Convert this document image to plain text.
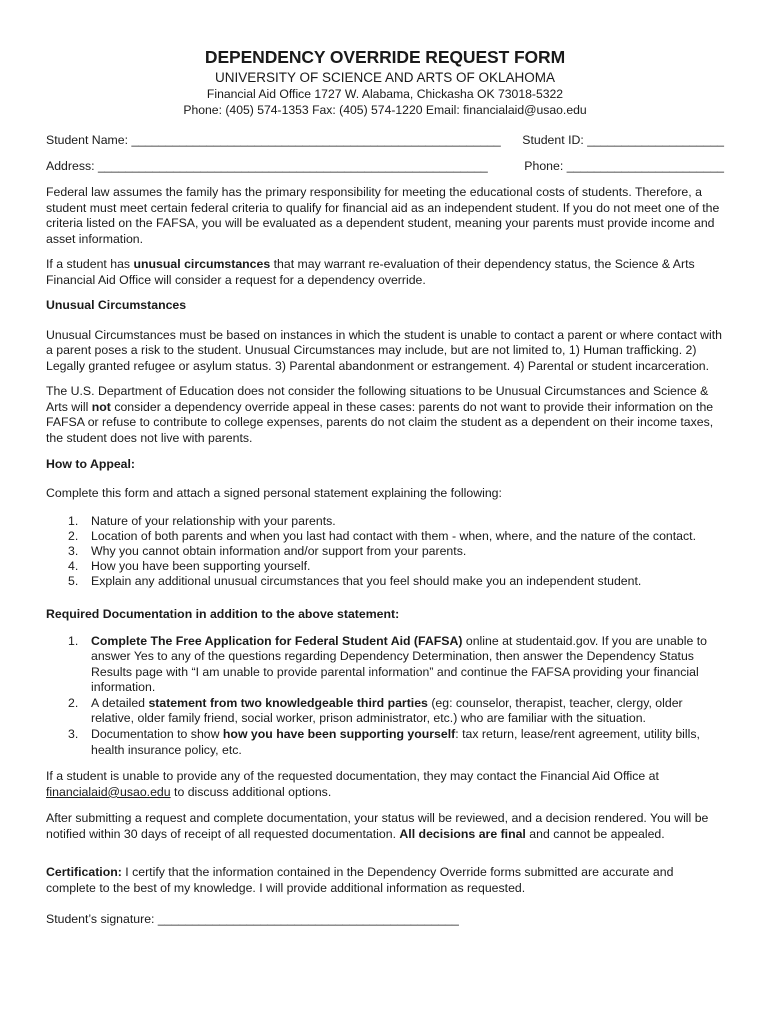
DEPENDENCY OVERRIDE REQUEST FORM
UNIVERSITY OF SCIENCE AND ARTS OF OKLAHOMA
Financial Aid Office 1727 W. Alabama, Chickasha OK 73018-5322
Phone: (405) 574-1353 Fax: (405) 574-1220 Email: financialaid@usao.edu
Student Name: ______________________________________________________ Student ID: ____________________
Address: _________________________________________________________	Phone: _______________________

Federal law assumes the family has the primary responsibility for meeting the educational costs of students. Therefore, a student must meet certain federal criteria to qualify for financial aid as an independent student. If you do not meet one of the criteria listed on the FAFSA, you will be evaluated as a dependent student, meaning your parents must provide income and asset information.

If a student has unusual circumstances that may warrant re-evaluation of their dependency status, the Science & Arts Financial Aid Office will consider a request for a dependency override.

Unusual Circumstances

Unusual Circumstances must be based on instances in which the student is unable to contact a parent or where contact with a parent poses a risk to the student. Unusual Circumstances may include, but are not limited to, 1) Human trafficking. 2) Legally granted refugee or asylum status. 3) Parental abandonment or estrangement. 4) Parental or student incarceration.

The U.S. Department of Education does not consider the following situations to be Unusual Circumstances and Science & Arts will not consider a dependency override appeal in these cases: parents do not want to provide their information on the FAFSA or refuse to contribute to college expenses, parents do not claim the student as a dependent on their income taxes, the student does not live with parents.

How to Appeal:

Complete this form and attach a signed personal statement explaining the following:

1. Nature of your relationship with your parents.
2. Location of both parents and when you last had contact with them - when, where, and the nature of the contact.
3. Why you cannot obtain information and/or support from your parents.
4. How you have been supporting yourself.
5. Explain any additional unusual circumstances that you feel should make you an independent student.

Required Documentation in addition to the above statement:

1. Complete The Free Application for Federal Student Aid (FAFSA) online at studentaid.gov. If you are unable to answer Yes to any of the questions regarding Dependency Determination, then answer the Dependency Status Results page with “I am unable to provide parental information” and continue the FAFSA providing your financial information.
2. A detailed statement from two knowledgeable third parties (eg: counselor, therapist, teacher, clergy, older relative, older family friend, social worker, prison administrator, etc.) who are familiar with the situation.
3. Documentation to show how you have been supporting yourself: tax return, lease/rent agreement, utility bills, health insurance policy, etc.

If a student is unable to provide any of the requested documentation, they may contact the Financial Aid Office at financialaid@usao.edu to discuss additional options.

After submitting a request and complete documentation, your status will be reviewed, and a decision rendered. You will be notified within 30 days of receipt of all requested documentation. All decisions are final and cannot be appealed.

Certification: I certify that the information contained in the Dependency Override forms submitted are accurate and complete to the best of my knowledge. I will provide additional information as requested.

Student’s signature: ____________________________________________
